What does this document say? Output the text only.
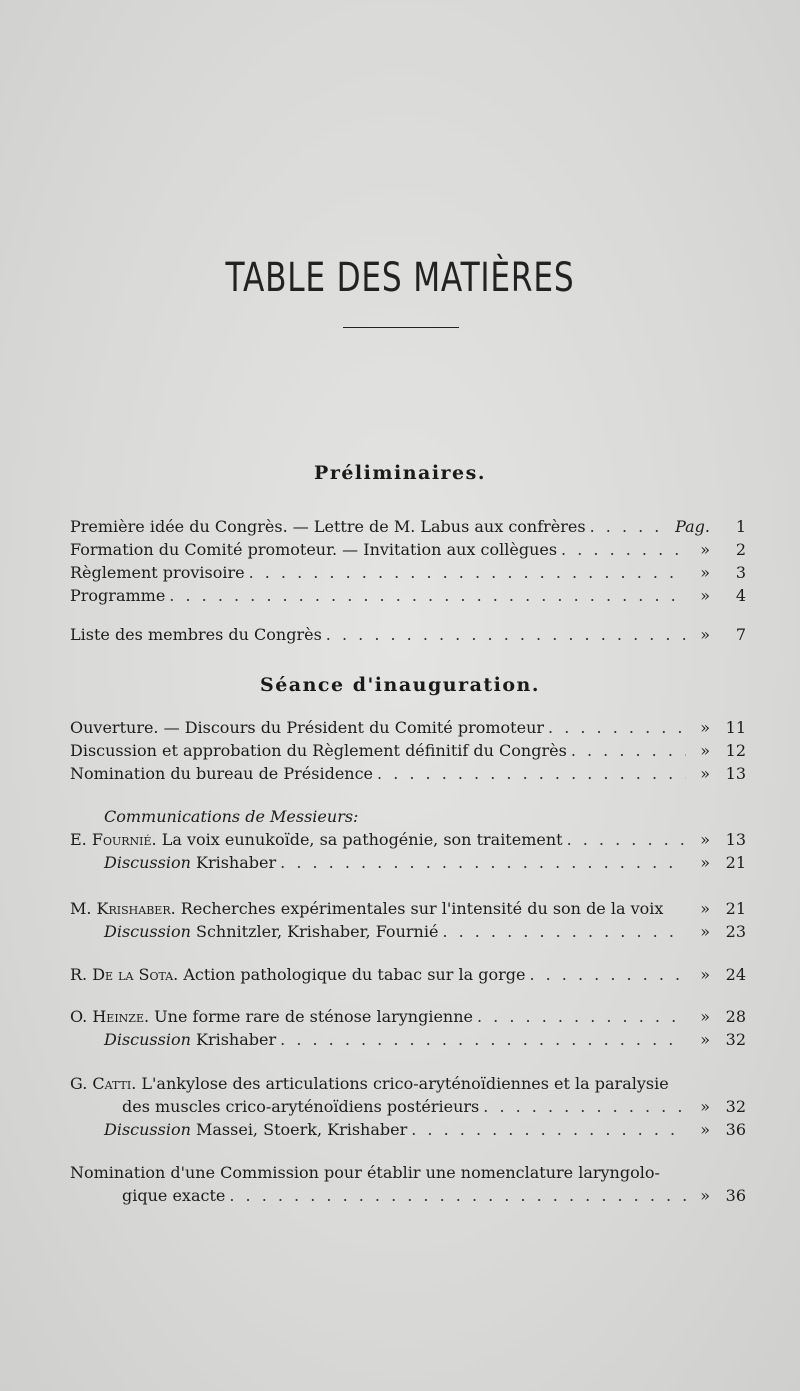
TABLE DES MATIÈRES
Préliminaires.
Première idée du Congrès. — Lettre de M. Labus aux confrères . . .	Pag.	1
Formation du Comité promoteur. — Invitation aux collègues . . .	»	2
Règlement provisoire . . .	»	3
Programme . . .	»	4
Liste des membres du Congrès . . .	»	7
Séance d'inauguration.
Ouverture. — Discours du Président du Comité promoteur . . .	» 11
Discussion et approbation du Règlement définitif du Congrès . . .	» 12
Nomination du bureau de Présidence . . .	» 13
Communications de Messieurs:
E. Fournié. La voix eunukoïde, sa pathogénie, son traitement . . .	» 13
Discussion Krishaber . . .	» 21
M. Krishaber. Recherches expérimentales sur l'intensité du son de la voix	» 21
Discussion Schnitzler, Krishaber, Fournié . . .	» 23
R. De la Sota. Action pathologique du tabac sur la gorge . . .	» 24
O. Heinze. Une forme rare de sténose laryngienne . . .	» 28
Discussion Krishaber . . .	» 32
G. Catti. L'ankylose des articulations crico-aryténoïdiennes et la paralysie
des muscles crico-aryténoïdiens postérieurs . . .	» 32
Discussion Massei, Stoerk, Krishaber . . .	» 36
Nomination d'une Commission pour établir une nomenclature laryngolo-
gique exacte . . .	» 36
